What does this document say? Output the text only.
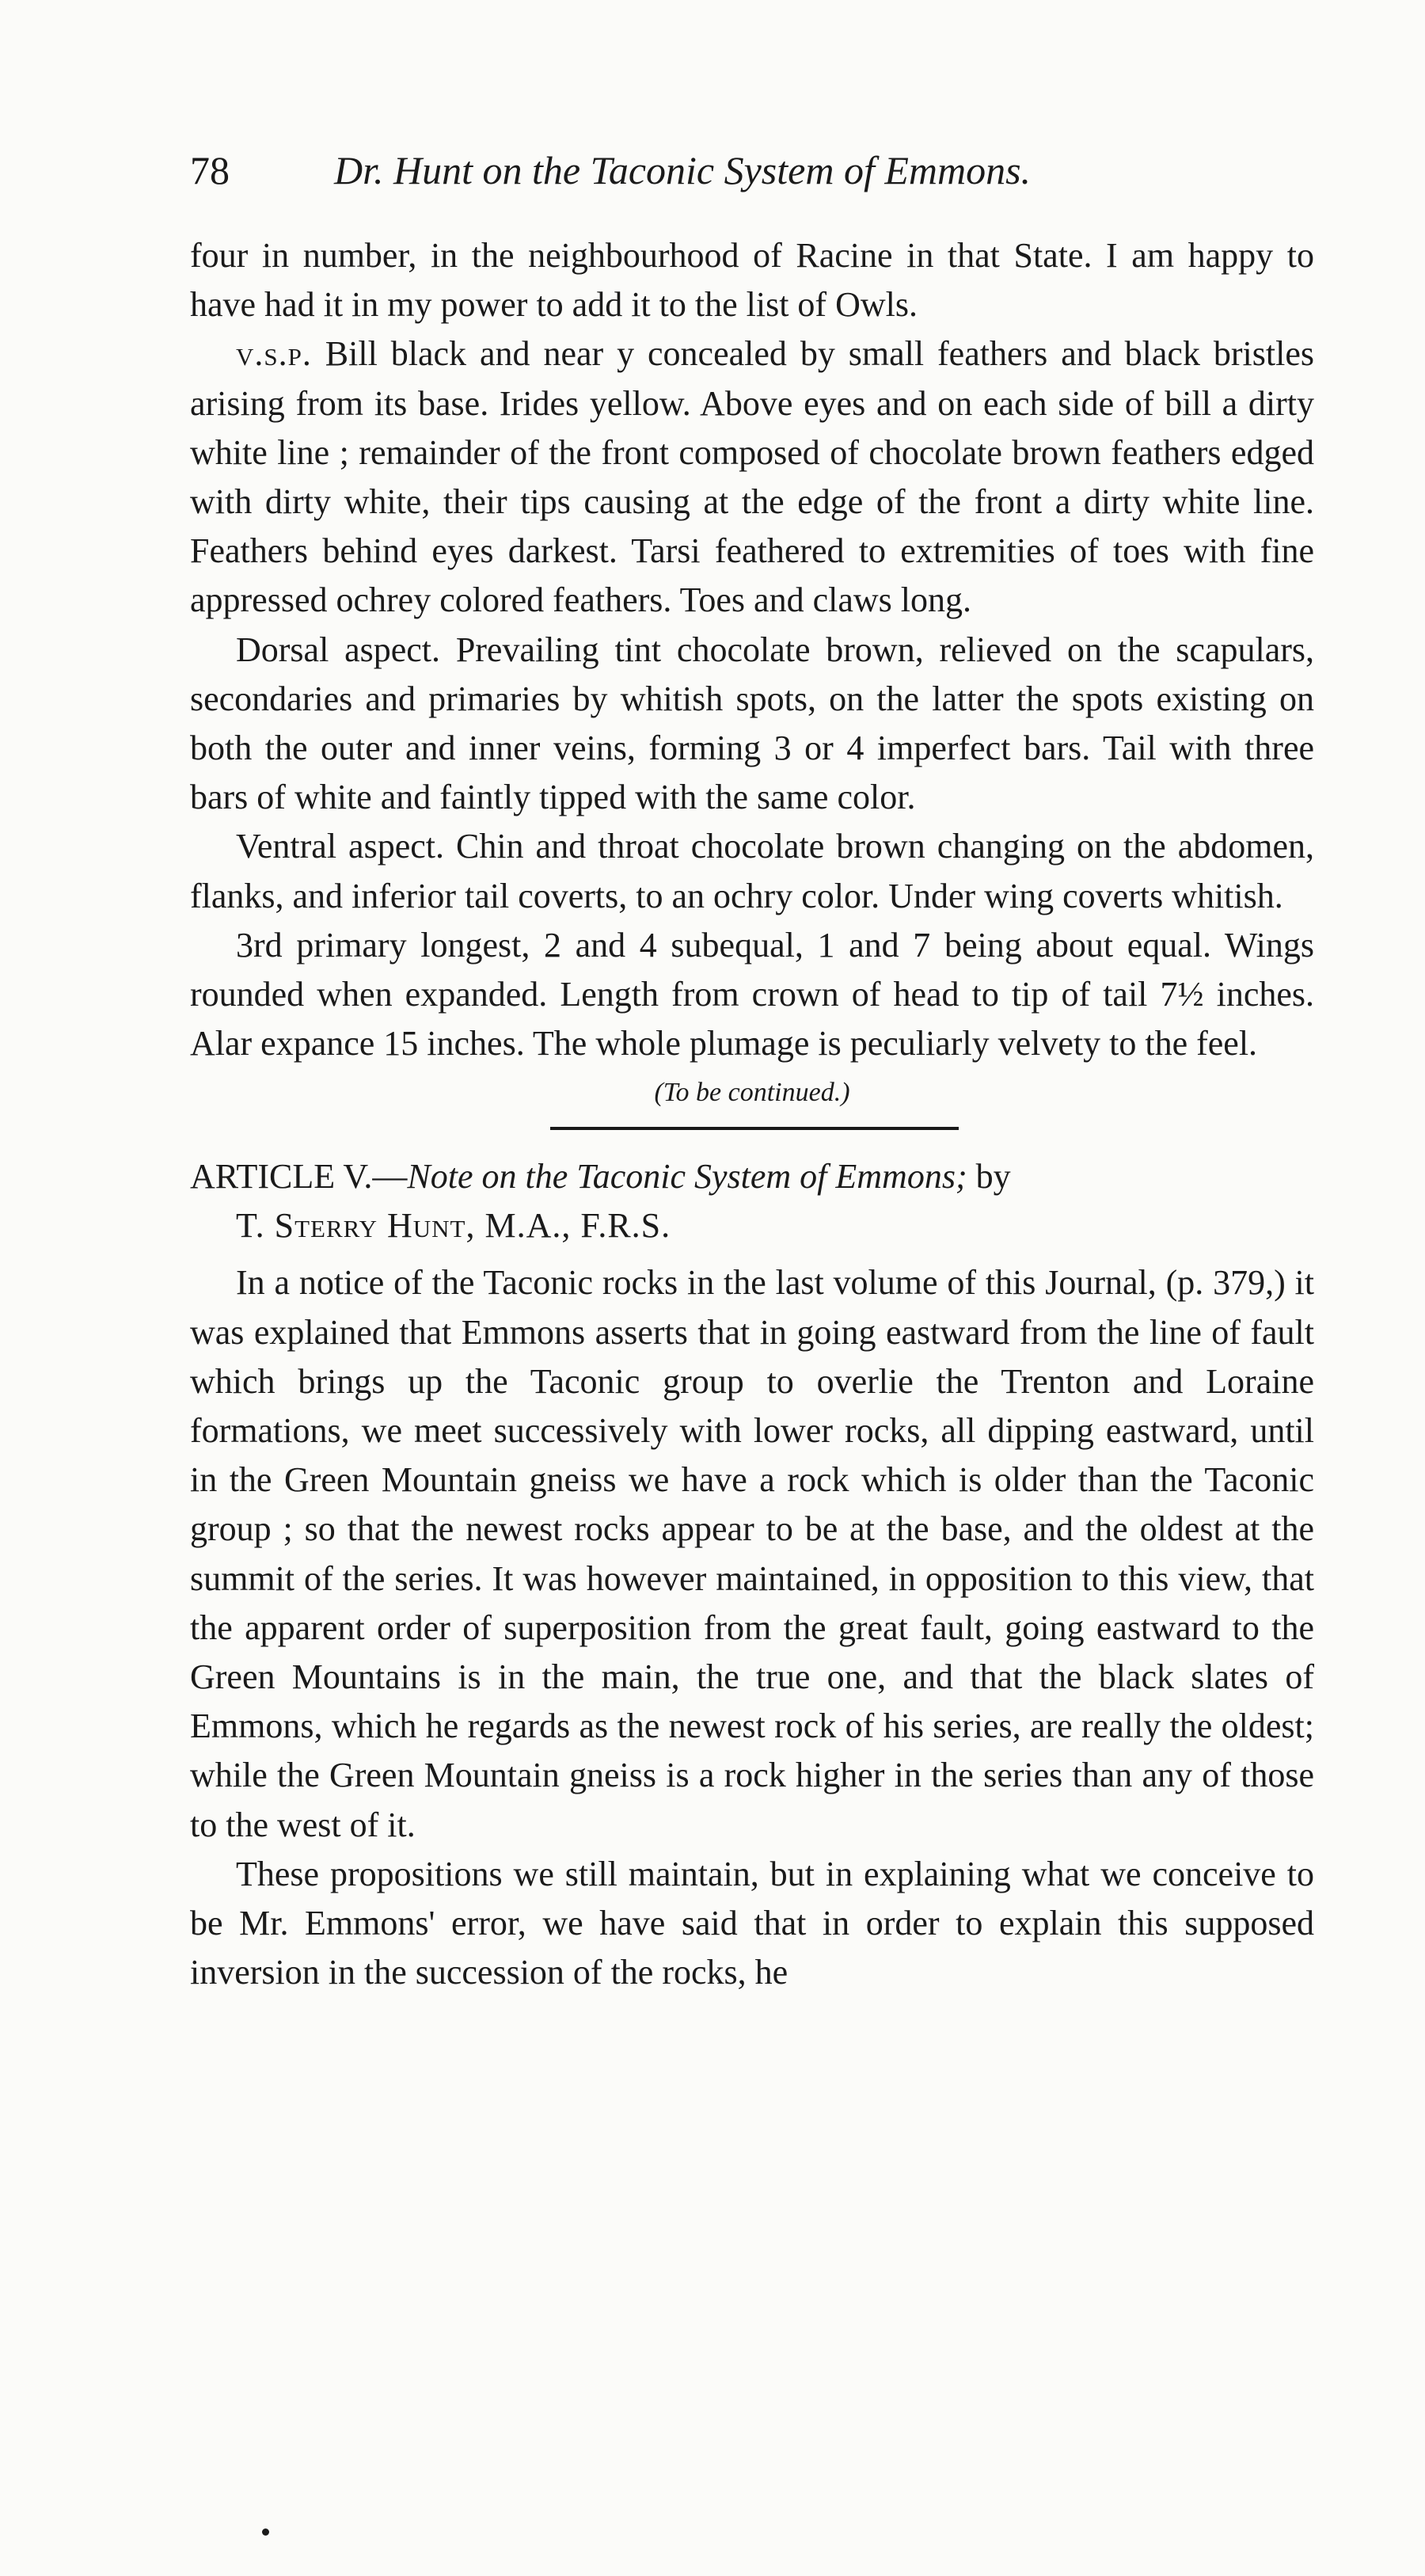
78	Dr. Hunt on the Taconic System of Emmons.

four in number, in the neighbourhood of Racine in that State. I am happy to have had it in my power to add it to the list of Owls.

v.s.p. Bill black and near y concealed by small feathers and black bristles arising from its base. Irides yellow. Above eyes and on each side of bill a dirty white line ; remainder of the front composed of chocolate brown feathers edged with dirty white, their tips causing at the edge of the front a dirty white line. Feathers behind eyes darkest. Tarsi feathered to extremities of toes with fine appressed ochrey colored feathers. Toes and claws long.

Dorsal aspect. Prevailing tint chocolate brown, relieved on the scapulars, secondaries and primaries by whitish spots, on the latter the spots existing on both the outer and inner veins, forming 3 or 4 imperfect bars. Tail with three bars of white and faintly tipped with the same color.

Ventral aspect. Chin and throat chocolate brown changing on the abdomen, flanks, and inferior tail coverts, to an ochry color. Under wing coverts whitish.

3rd primary longest, 2 and 4 subequal, 1 and 7 being about equal. Wings rounded when expanded. Length from crown of head to tip of tail 7½ inches. Alar expance 15 inches. The whole plumage is peculiarly velvety to the feel.

(To be continued.)

ARTICLE V.—Note on the Taconic System of Emmons; by

T. Sterry Hunt, M.A., F.R.S.

In a notice of the Taconic rocks in the last volume of this Journal, (p. 379,) it was explained that Emmons asserts that in going eastward from the line of fault which brings up the Taconic group to overlie the Trenton and Loraine formations, we meet successively with lower rocks, all dipping eastward, until in the Green Mountain gneiss we have a rock which is older than the Taconic group ; so that the newest rocks appear to be at the base, and the oldest at the summit of the series. It was however maintained, in opposition to this view, that the apparent order of superposition from the great fault, going eastward to the Green Mountains is in the main, the true one, and that the black slates of Emmons, which he regards as the newest rock of his series, are really the oldest; while the Green Mountain gneiss is a rock higher in the series than any of those to the west of it.

These propositions we still maintain, but in explaining what we conceive to be Mr. Emmons' error, we have said that in order to explain this supposed inversion in the succession of the rocks, he
